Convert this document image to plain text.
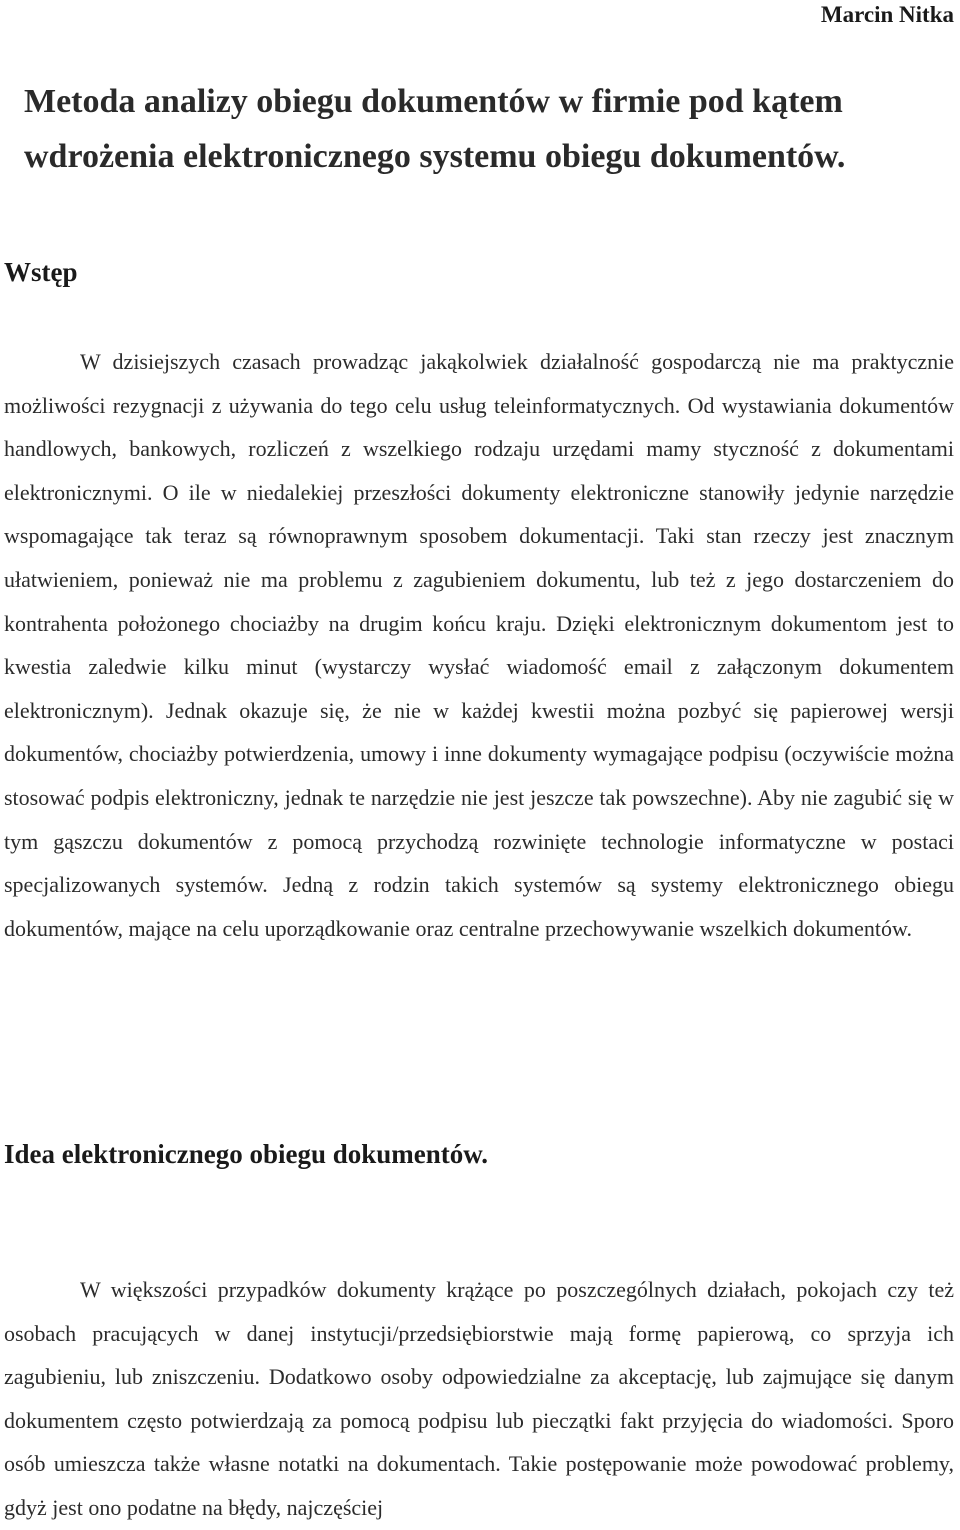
Marcin Nitka
Metoda analizy obiegu dokumentów w firmie pod kątem wdrożenia elektronicznego systemu obiegu dokumentów.
Wstęp

W dzisiejszych czasach prowadząc jakąkolwiek działalność gospodarczą nie ma praktycznie możliwości rezygnacji z używania do tego celu usług teleinformatycznych. Od wystawiania dokumentów handlowych, bankowych, rozliczeń z wszelkiego rodzaju urzędami mamy styczność z dokumentami elektronicznymi. O ile w niedalekiej przeszłości dokumenty elektroniczne stanowiły jedynie narzędzie wspomagające tak teraz są równoprawnym sposobem dokumentacji. Taki stan rzeczy jest znacznym ułatwieniem, ponieważ nie ma problemu z zagubieniem dokumentu, lub też z jego dostarczeniem do kontrahenta położonego chociażby na drugim końcu kraju. Dzięki elektronicznym dokumentom jest to kwestia zaledwie kilku minut (wystarczy wysłać wiadomość email z załączonym dokumentem elektronicznym). Jednak okazuje się, że nie w każdej kwestii można pozbyć się papierowej wersji dokumentów, chociażby potwierdzenia, umowy i inne dokumenty wymagające podpisu (oczywiście można stosować podpis elektroniczny, jednak te narzędzie nie jest jeszcze tak powszechne). Aby nie zagubić się w tym gąszczu dokumentów z pomocą przychodzą rozwinięte technologie informatyczne w postaci specjalizowanych systemów. Jedną z rodzin takich systemów są systemy elektronicznego obiegu dokumentów, mające na celu uporządkowanie oraz centralne przechowywanie wszelkich dokumentów.

Idea elektronicznego obiegu dokumentów.

W większości przypadków dokumenty krążące po poszczególnych działach, pokojach czy też osobach pracujących w danej instytucji/przedsiębiorstwie mają formę papierową, co sprzyja ich zagubieniu, lub zniszczeniu. Dodatkowo osoby odpowiedzialne za akceptację, lub zajmujące się danym dokumentem często potwierdzają za pomocą podpisu lub pieczątki fakt przyjęcia do wiadomości. Sporo osób umieszcza także własne notatki na dokumentach. Takie postępowanie może powodować problemy, gdyż jest ono podatne na błędy, najczęściej
